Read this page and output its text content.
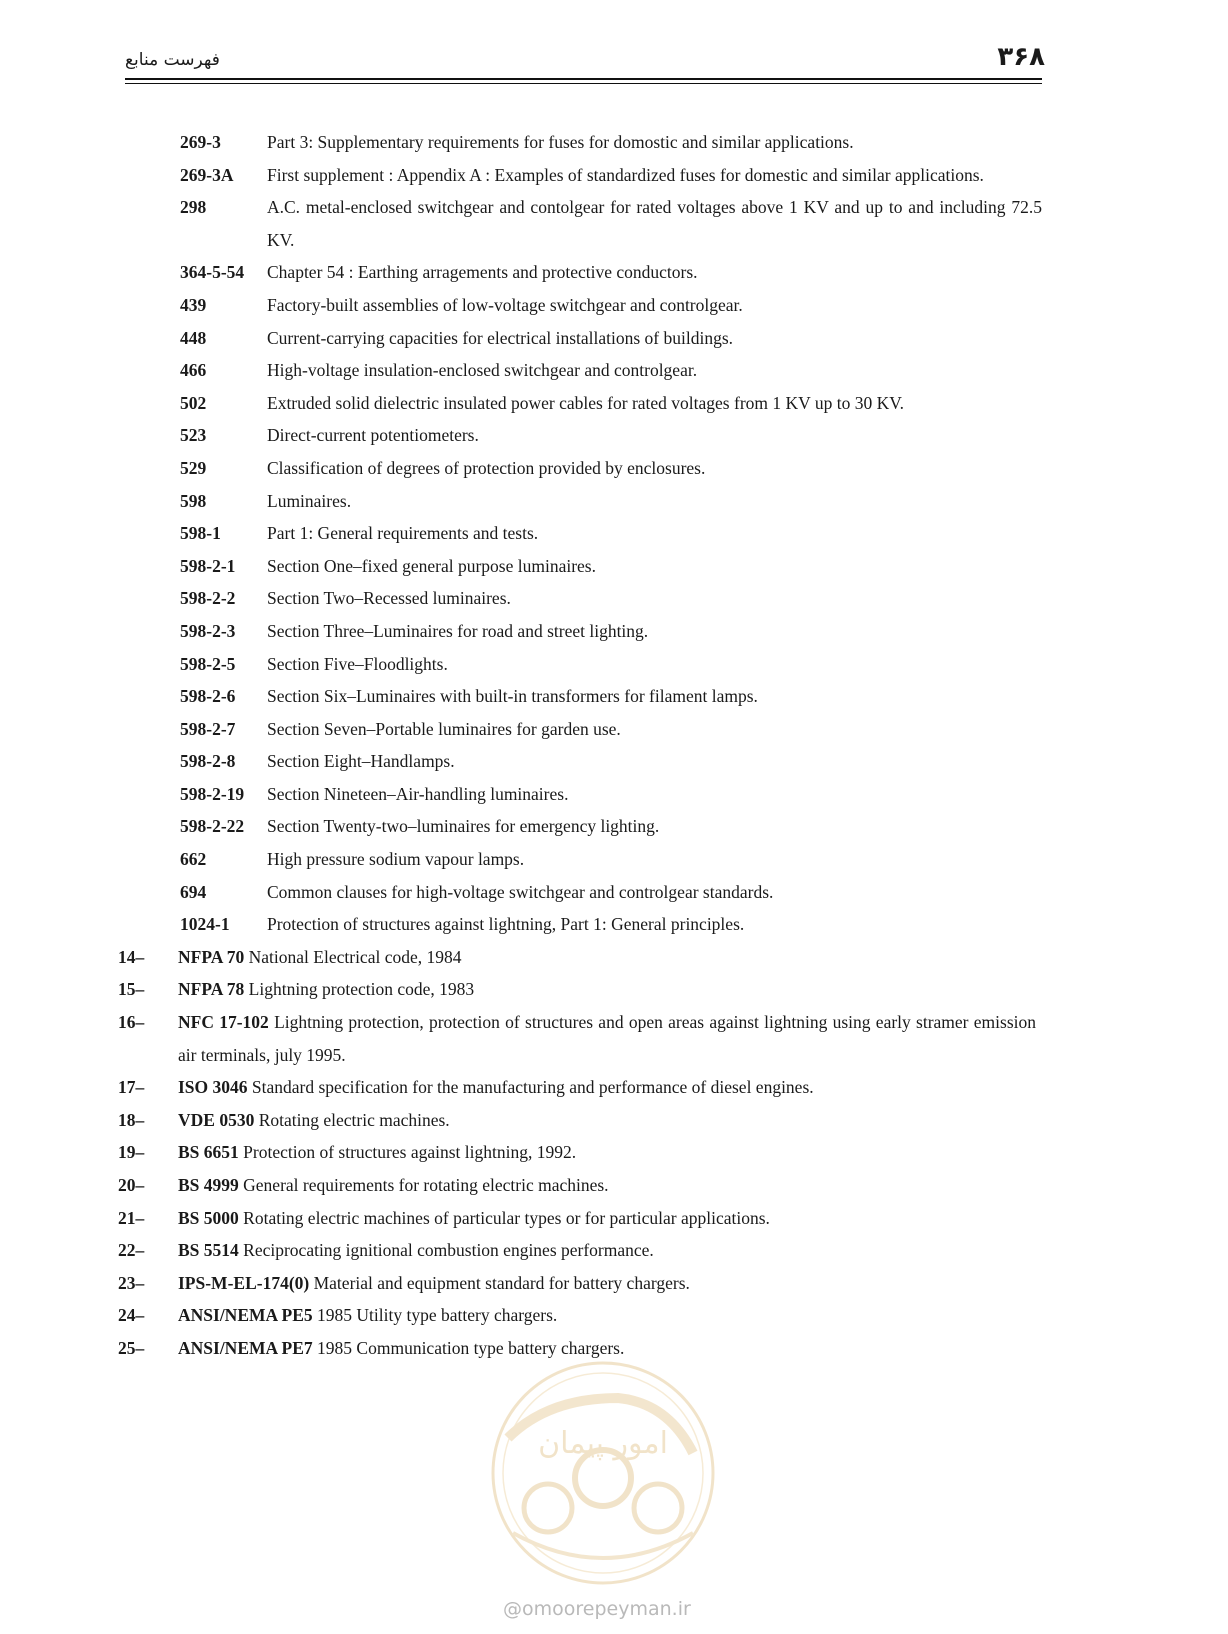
۳۶۸
فهرست منابع
269-3	Part 3: Supplementary requirements for fuses for domostic and similar applications.
269-3A First supplement : Appendix A : Examples of standardized fuses for domestic and similar applications.
298	A.C. metal-enclosed switchgear and contolgear for rated voltages above 1 KV and up to and including 72.5 KV.
364-5-54 Chapter 54 : Earthing arragements and protective conductors.
439	Factory-built assemblies of low-voltage switchgear and controlgear.
448	Current-carrying capacities for electrical installations of buildings.
466	High-voltage insulation-enclosed switchgear and controlgear.
502	Extruded solid dielectric insulated power cables for rated voltages from 1 KV up to 30 KV.
523	Direct-current potentiometers.
529	Classification of degrees of protection provided by enclosures.
598	Luminaires.
598-1	Part 1: General requirements and tests.
598-2-1 Section One–fixed general purpose luminaires.
598-2-2 Section Two–Recessed luminaires.
598-2-3 Section Three–Luminaires for road and street lighting.
598-2-5 Section Five–Floodlights.
598-2-6 Section Six–Luminaires with built-in transformers for filament lamps.
598-2-7 Section Seven–Portable luminaires for garden use.
598-2-8 Section Eight–Handlamps.
598-2-19 Section Nineteen–Air-handling luminaires.
598-2-22 Section Twenty-two–luminaires for emergency lighting.
662	High pressure sodium vapour lamps.
694	Common clauses for high-voltage switchgear and controlgear standards.
1024-1 Protection of structures against lightning, Part 1: General principles.
14– NFPA 70 National Electrical code, 1984
15– NFPA 78 Lightning protection code, 1983
16– NFC 17-102 Lightning protection, protection of structures and open areas against lightning using early stramer emission air terminals, july 1995.
17– ISO 3046 Standard specification for the manufacturing and performance of diesel engines.
18– VDE 0530 Rotating electric machines.
19– BS 6651 Protection of structures against lightning, 1992.
20– BS 4999 General requirements for rotating electric machines.
21– BS 5000 Rotating electric machines of particular types or for particular applications.
22– BS 5514 Reciprocating ignitional combustion engines performance.
23– IPS-M-EL-174(0) Material and equipment standard for battery chargers.
24– ANSI/NEMA PE5 1985 Utility type battery chargers.
25– ANSI/NEMA PE7 1985 Communication type battery chargers.
امور پیمان
@omoorepeyman.ir
